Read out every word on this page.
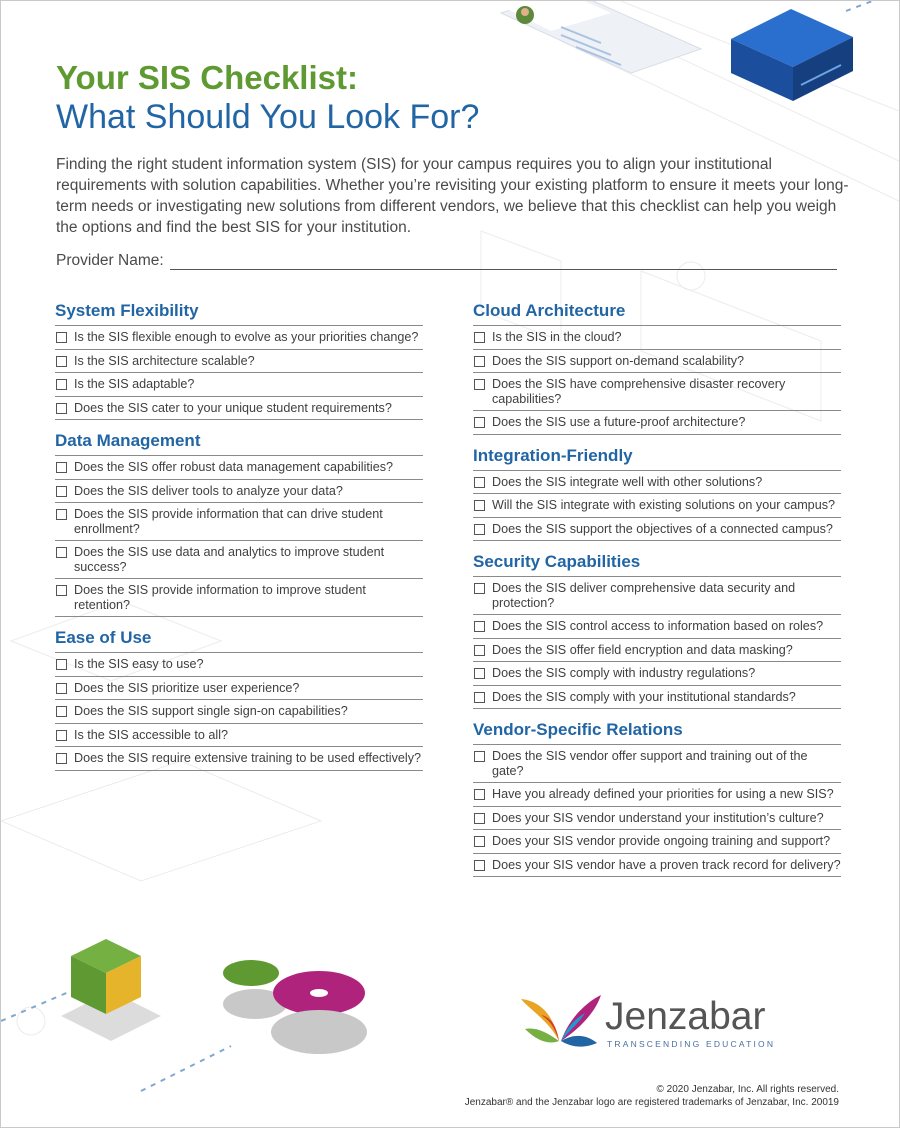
Your SIS Checklist:
What Should You Look For?

Finding the right student information system (SIS) for your campus requires you to align your institutional requirements with solution capabilities. Whether you’re revisiting your existing platform to ensure it meets your long-term needs or investigating new solutions from different vendors, we believe that this checklist can help you weigh the options and find the best SIS for your institution.

Provider Name:
System Flexibility
Is the SIS flexible enough to evolve as your priorities change?
Is the SIS architecture scalable?
Is the SIS adaptable?
Does the SIS cater to your unique student requirements?
Data Management
Does the SIS offer robust data management capabilities?
Does the SIS deliver tools to analyze your data?
Does the SIS provide information that can drive student enrollment?
Does the SIS use data and analytics to improve student success?
Does the SIS provide information to improve student retention?
Ease of Use
Is the SIS easy to use?
Does the SIS prioritize user experience?
Does the SIS support single sign-on capabilities?
Is the SIS accessible to all?
Does the SIS require extensive training to be used effectively?
Cloud Architecture
Is the SIS in the cloud?
Does the SIS support on-demand scalability?
Does the SIS have comprehensive disaster recovery capabilities?
Does the SIS use a future-proof architecture?
Integration-Friendly
Does the SIS integrate well with other solutions?
Will the SIS integrate with existing solutions on your campus?
Does the SIS support the objectives of a connected campus?
Security Capabilities
Does the SIS deliver comprehensive data security and protection?
Does the SIS control access to information based on roles?
Does the SIS offer field encryption and data masking?
Does the SIS comply with industry regulations?
Does the SIS comply with your institutional standards?
Vendor-Specific Relations
Does the SIS vendor offer support and training out of the gate?
Have you already defined your priorities for using a new SIS?
Does your SIS vendor understand your institution’s culture?
Does your SIS vendor provide ongoing training and support?
Does your SIS vendor have a proven track record for delivery?
Jenzabar
TRANSCENDING EDUCATION
© 2020 Jenzabar, Inc. All rights reserved.
Jenzabar® and the Jenzabar logo are registered trademarks of Jenzabar, Inc. 20019
